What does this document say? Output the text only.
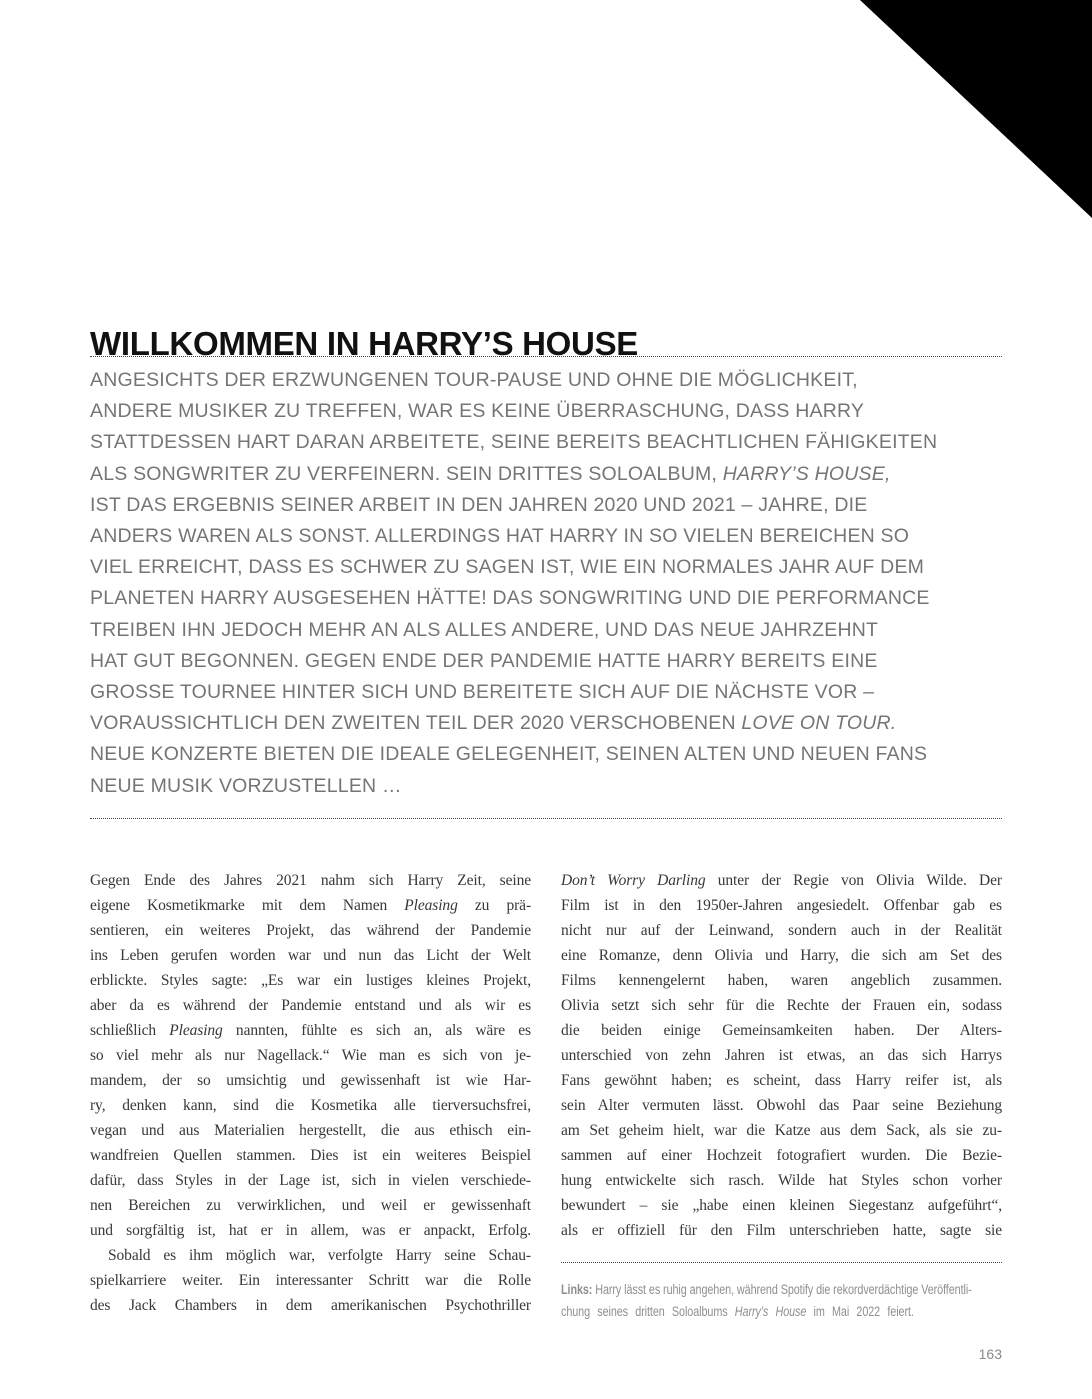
WILLKOMMEN IN HARRY’S HOUSE
ANGESICHTS DER ERZWUNGENEN TOUR-PAUSE UND OHNE DIE MÖGLICHKEIT,
ANDERE MUSIKER ZU TREFFEN, WAR ES KEINE ÜBERRASCHUNG, DASS HARRY
STATTDESSEN HART DARAN ARBEITETE, SEINE BEREITS BEACHTLICHEN FÄHIGKEITEN
ALS SONGWRITER ZU VERFEINERN. SEIN DRITTES SOLOALBUM, HARRY’S HOUSE,
IST DAS ERGEBNIS SEINER ARBEIT IN DEN JAHREN 2020 UND 2021 – JAHRE, DIE
ANDERS WAREN ALS SONST. ALLERDINGS HAT HARRY IN SO VIELEN BEREICHEN SO
VIEL ERREICHT, DASS ES SCHWER ZU SAGEN IST, WIE EIN NORMALES JAHR AUF DEM
PLANETEN HARRY AUSGESEHEN HÄTTE! DAS SONGWRITING UND DIE PERFORMANCE
TREIBEN IHN JEDOCH MEHR AN ALS ALLES ANDERE, UND DAS NEUE JAHRZEHNT
HAT GUT BEGONNEN. GEGEN ENDE DER PANDEMIE HATTE HARRY BEREITS EINE
GROSSE TOURNEE HINTER SICH UND BEREITETE SICH AUF DIE NÄCHSTE VOR –
VORAUSSICHTLICH DEN ZWEITEN TEIL DER 2020 VERSCHOBENEN LOVE ON TOUR.
NEUE KONZERTE BIETEN DIE IDEALE GELEGENHEIT, SEINEN ALTEN UND NEUEN FANS
NEUE MUSIK VORZUSTELLEN …
Gegen Ende des Jahres 2021 nahm sich Harry Zeit, seine
eigene Kosmetikmarke mit dem Namen Pleasing zu prä-
sentieren, ein weiteres Projekt, das während der Pandemie
ins Leben gerufen worden war und nun das Licht der Welt
erblickte. Styles sagte: „Es war ein lustiges kleines Projekt,
aber da es während der Pandemie entstand und als wir es
schließlich Pleasing nannten, fühlte es sich an, als wäre es
so viel mehr als nur Nagellack.“ Wie man es sich von je-
mandem, der so umsichtig und gewissenhaft ist wie Har-
ry, denken kann, sind die Kosmetika alle tierversuchsfrei,
vegan und aus Materialien hergestellt, die aus ethisch ein-
wandfreien Quellen stammen. Dies ist ein weiteres Beispiel
dafür, dass Styles in der Lage ist, sich in vielen verschiede-
nen Bereichen zu verwirklichen, und weil er gewissenhaft
und sorgfältig ist, hat er in allem, was er anpackt, Erfolg.
Sobald es ihm möglich war, verfolgte Harry seine Schau-
spielkarriere weiter. Ein interessanter Schritt war die Rolle
des Jack Chambers in dem amerikanischen Psychothriller
Don’t Worry Darling unter der Regie von Olivia Wilde. Der
Film ist in den 1950er-Jahren angesiedelt. Offenbar gab es
nicht nur auf der Leinwand, sondern auch in der Realität
eine Romanze, denn Olivia und Harry, die sich am Set des
Films kennengelernt haben, waren angeblich zusammen.
Olivia setzt sich sehr für die Rechte der Frauen ein, sodass
die beiden einige Gemeinsamkeiten haben. Der Alters-
unterschied von zehn Jahren ist etwas, an das sich Harrys
Fans gewöhnt haben; es scheint, dass Harry reifer ist, als
sein Alter vermuten lässt. Obwohl das Paar seine Beziehung
am Set geheim hielt, war die Katze aus dem Sack, als sie zu-
sammen auf einer Hochzeit fotografiert wurden. Die Bezie-
hung entwickelte sich rasch. Wilde hat Styles schon vorher
bewundert – sie „habe einen kleinen Siegestanz aufgeführt“,
als er offiziell für den Film unterschrieben hatte, sagte sie
Links: Harry lässt es ruhig angehen, während Spotify die rekordverdächtige Veröffentli-
chung seines dritten Soloalbums Harry’s House im Mai 2022 feiert.
163
